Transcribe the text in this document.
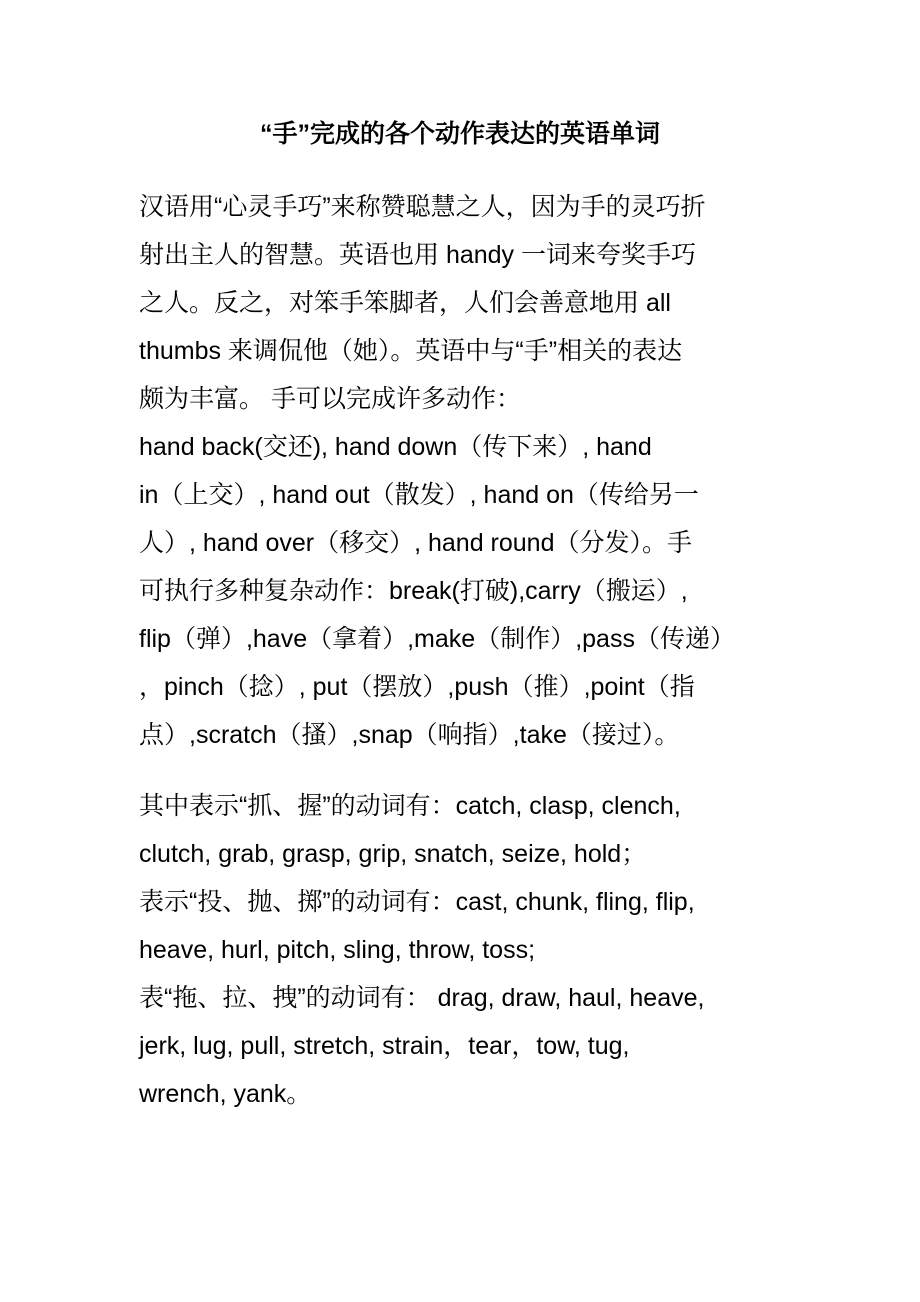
“手”完成的各个动作表达的英语单词
汉语用“心灵手巧”来称赞聪慧之人，因为手的灵巧折
射出主人的智慧。英语也用 handy 一词来夸奖手巧
之人。反之，对笨手笨脚者，人们会善意地用 all
thumbs 来调侃他（她）。英语中与“手”相关的表达
颇为丰富。 手可以完成许多动作：
hand back(交还), hand down（传下来）, hand
in（上交）, hand out（散发）, hand on（传给另一
人）, hand over（移交）, hand round（分发）。手
可执行多种复杂动作：break(打破),carry（搬运）,
flip（弹）,have（拿着）,make（制作）,pass（传递）
，pinch（捻）, put（摆放）,push（推）,point（指
点）,scratch（搔）,snap（响指）,take（接过）。
其中表示“抓、握”的动词有：catch, clasp, clench,
clutch, grab, grasp, grip, snatch, seize, hold；
表示“投、抛、掷”的动词有：cast, chunk, fling, flip,
heave, hurl, pitch, sling, throw, toss;
表“拖、拉、拽”的动词有： drag, draw, haul, heave,
jerk, lug, pull, stretch, strain，tear，tow, tug,
wrench, yank。
